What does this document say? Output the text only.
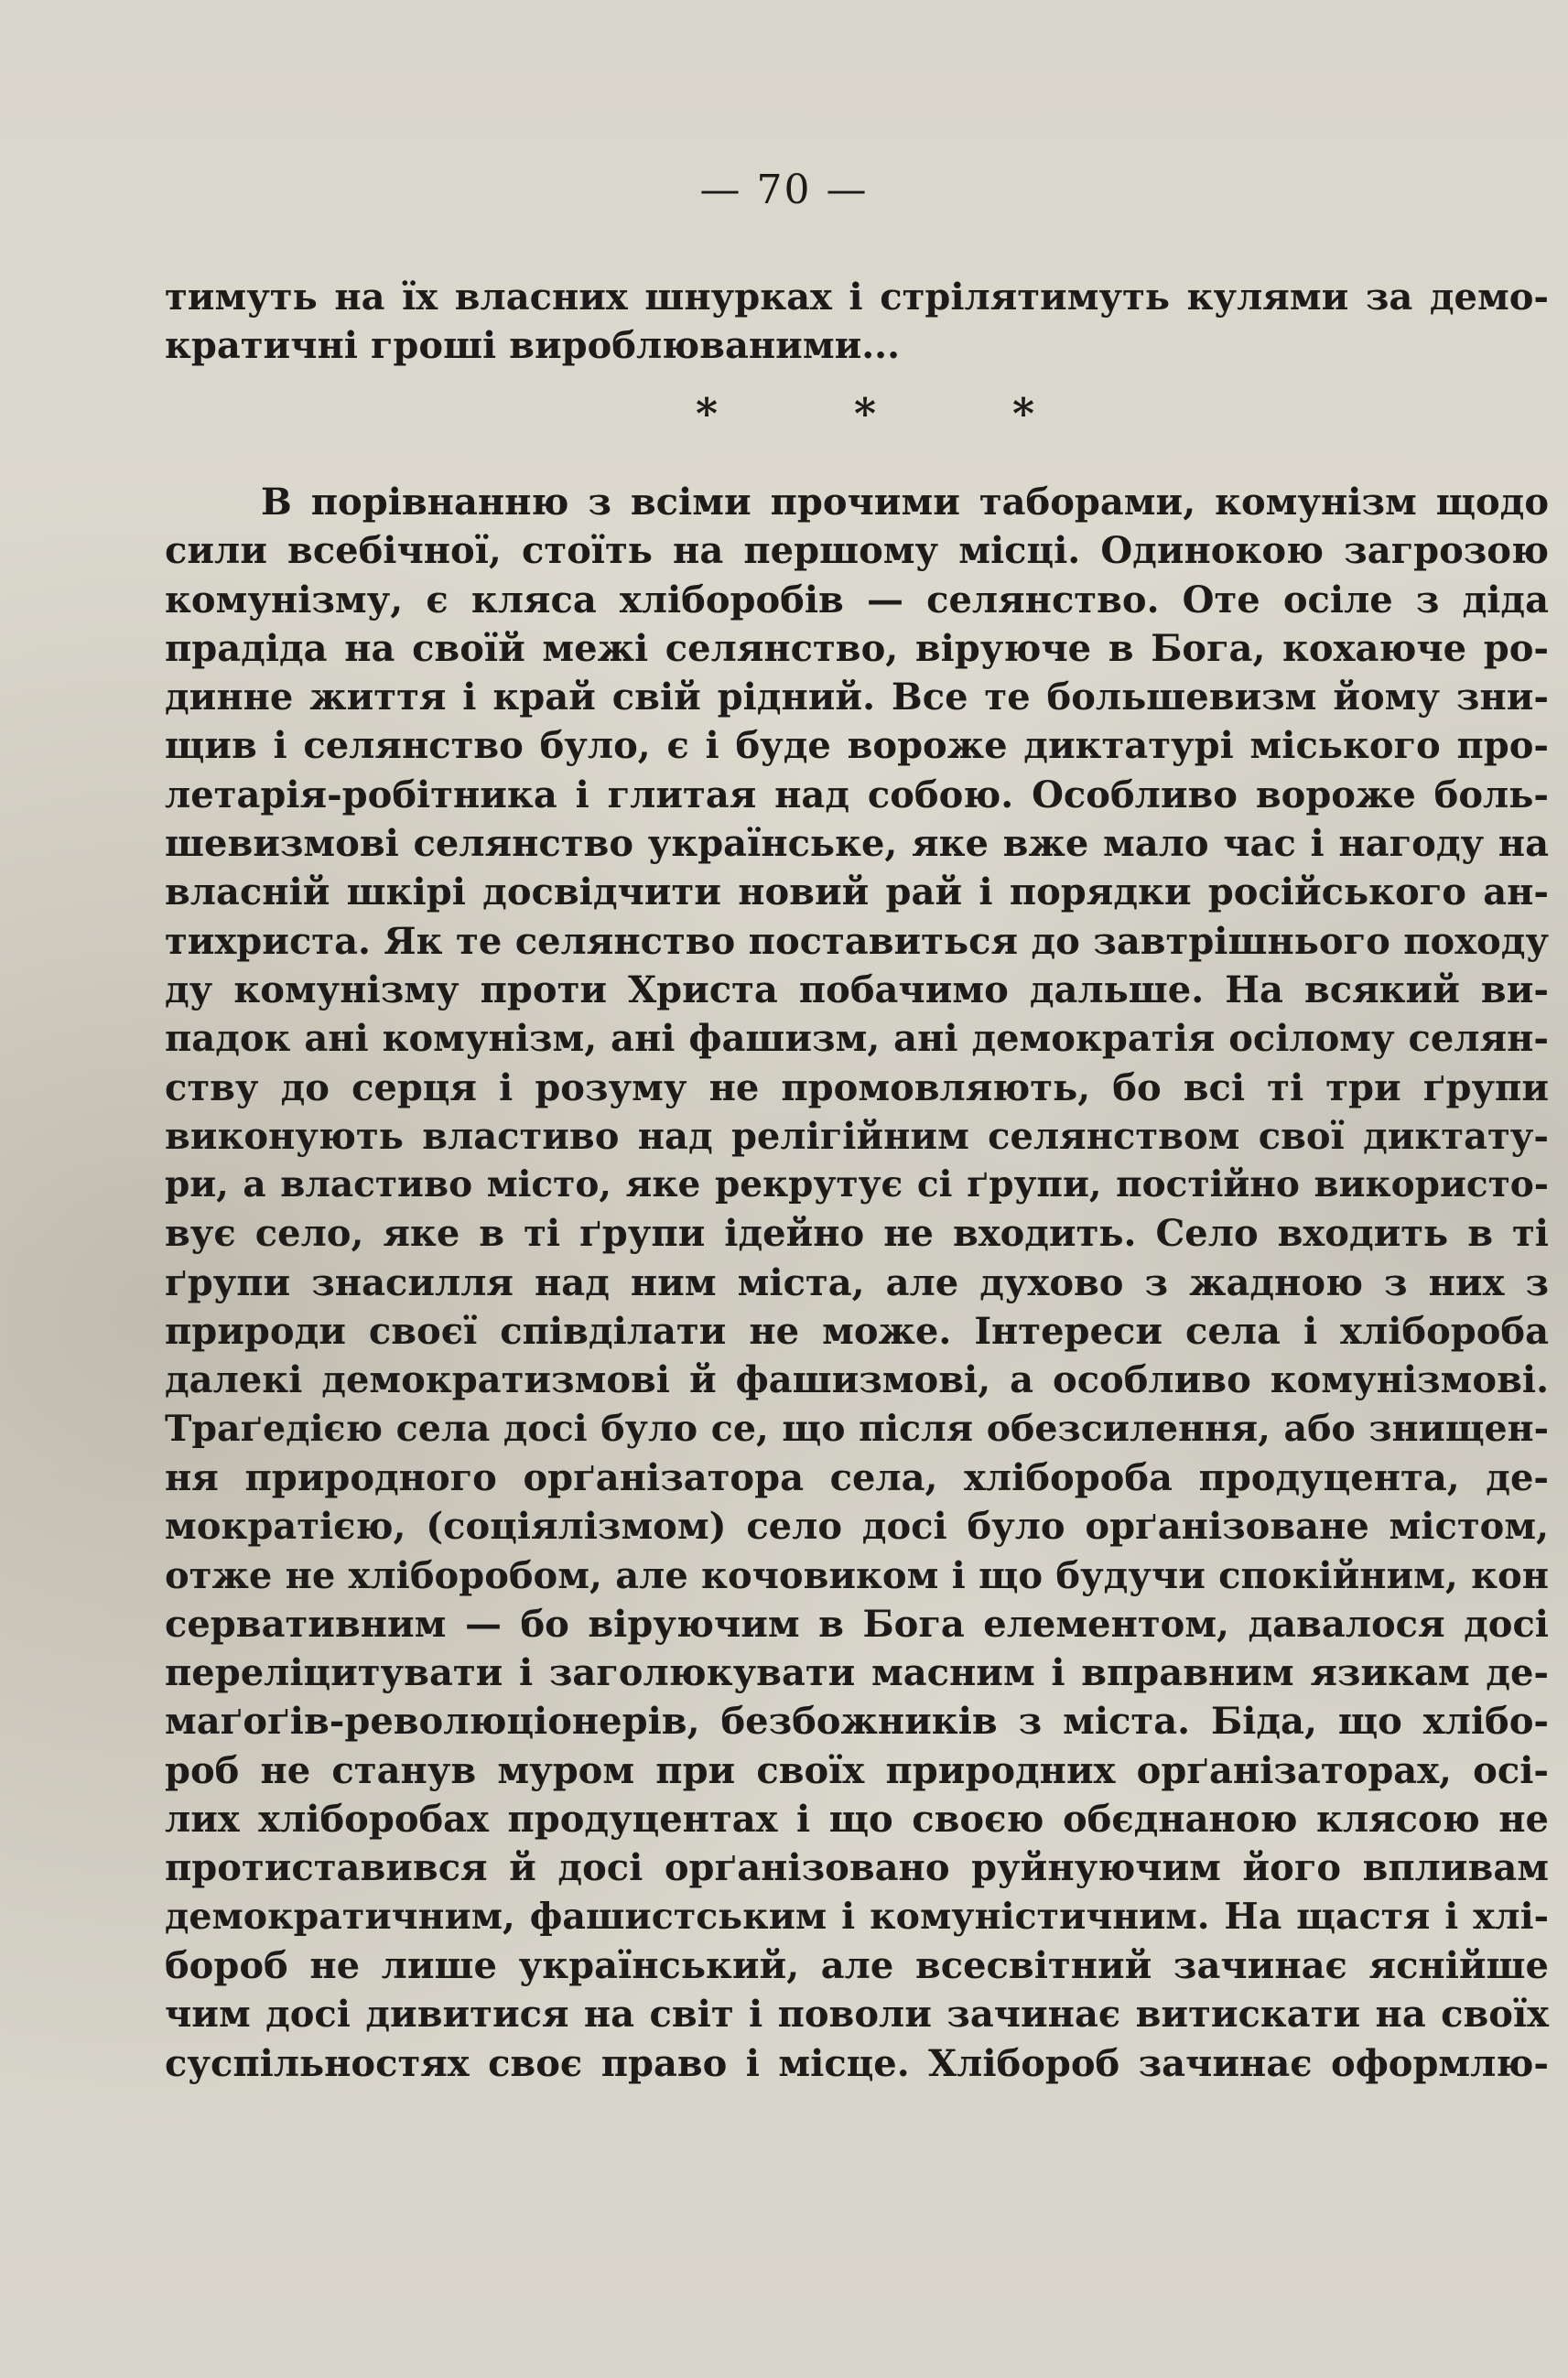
— 70 —
тимуть на їх власних шнурках і стрілятимуть кулями за демо-
кратичні гроші вироблюваними...
*	*	*
В порівнанню з всіми прочими таборами, комунізм щодо
сили всебічної, стоїть на першому місці. Одинокою загрозою
комунізму, є кляса хліборобів — селянство. Оте осіле з діда
прадіда на своїй межі селянство, віруюче в Бога, кохаюче ро-
динне життя і край свій рідний. Все те большевизм йому зни-
щив і селянство було, є і буде вороже диктатурі міського про-
летарія-робітника і глитая над собою. Особливо вороже боль-
шевизмові селянство українське, яке вже мало час і нагоду на
власній шкірі досвідчити новий рай і порядки російського ан-
тихриста. Як те селянство поставиться до завтрішнього походу
ду комунізму проти Христа побачимо дальше. На всякий ви-
падок ані комунізм, ані фашизм, ані демократія осілому селян-
ству до серця і розуму не промовляють, бо всі ті три ґрупи
виконують властиво над релігійним селянством свої диктату-
ри, а властиво місто, яке рекрутує сі ґрупи, постійно використо-
вує село, яке в ті ґрупи ідейно не входить. Село входить в ті
ґрупи знасилля над ним міста, але духово з жадною з них з
природи своєї співділати не може. Інтереси села і хлібороба
далекі демократизмові й фашизмові, а особливо комунізмові.
Траґедією села досі було се, що після обезсилення, або знищен-
ня природного орґанізатора села, хлібороба продуцента, де-
мократією, (соціялізмом) село досі було орґанізоване містом,
отже не хліборобом, але кочовиком і що будучи спокійним, кон
сервативним — бо віруючим в Бога елементом, давалося досі
переліцитувати і заголюкувати масним і вправним язикам де-
маґоґів-революціонерів, безбожників з міста. Біда, що хлібо-
роб не станув муром при своїх природних орґанізаторах, осі-
лих хліборобах продуцентах і що своєю обєднаною клясою не
протиставився й досі орґанізовано руйнуючим його впливам
демократичним, фашистським і комуністичним. На щастя і хлі-
бороб не лише український, але всесвітний зачинає яснійше
чим досі дивитися на світ і поволи зачинає витискати на своїх
суспільностях своє право і місце. Хлібороб зачинає оформлю-
